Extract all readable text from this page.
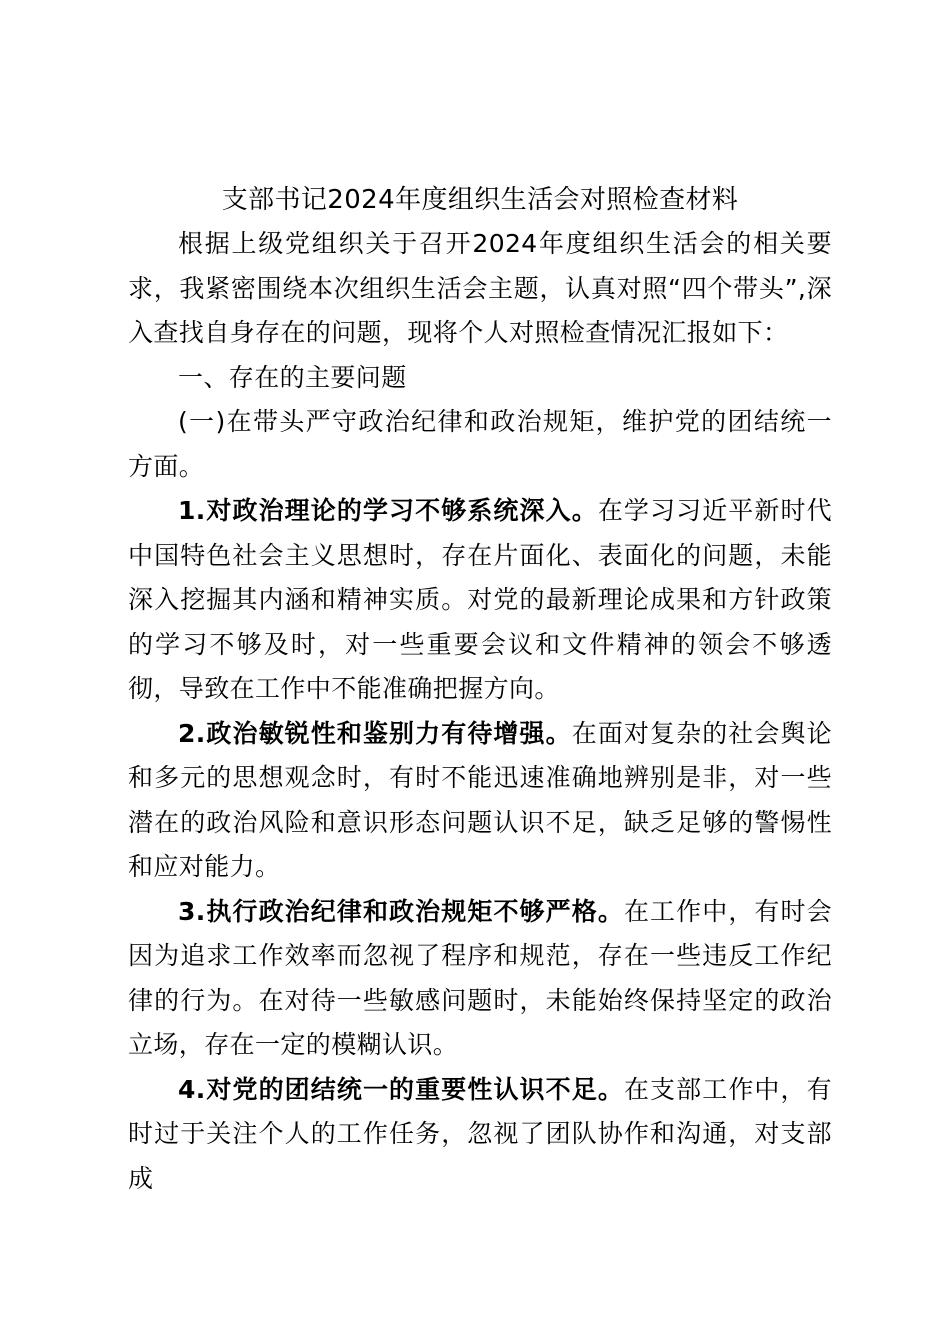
支部书记2024年度组织生活会对照检查材料

根据上级党组织关于召开2024年度组织生活会的相关要求，我紧密围绕本次组织生活会主题，认真对照“四个带头”,深入查找自身存在的问题，现将个人对照检查情况汇报如下：

一、存在的主要问题

(一)在带头严守政治纪律和政治规矩，维护党的团结统一方面。

1.对政治理论的学习不够系统深入。在学习习近平新时代中国特色社会主义思想时，存在片面化、表面化的问题，未能深入挖掘其内涵和精神实质。对党的最新理论成果和方针政策的学习不够及时，对一些重要会议和文件精神的领会不够透彻，导致在工作中不能准确把握方向。

2.政治敏锐性和鉴别力有待增强。在面对复杂的社会舆论和多元的思想观念时，有时不能迅速准确地辨别是非，对一些潜在的政治风险和意识形态问题认识不足，缺乏足够的警惕性和应对能力。

3.执行政治纪律和政治规矩不够严格。在工作中，有时会因为追求工作效率而忽视了程序和规范，存在一些违反工作纪律的行为。在对待一些敏感问题时，未能始终保持坚定的政治立场，存在一定的模糊认识。

4.对党的团结统一的重要性认识不足。在支部工作中，有时过于关注个人的工作任务，忽视了团队协作和沟通，对支部成
